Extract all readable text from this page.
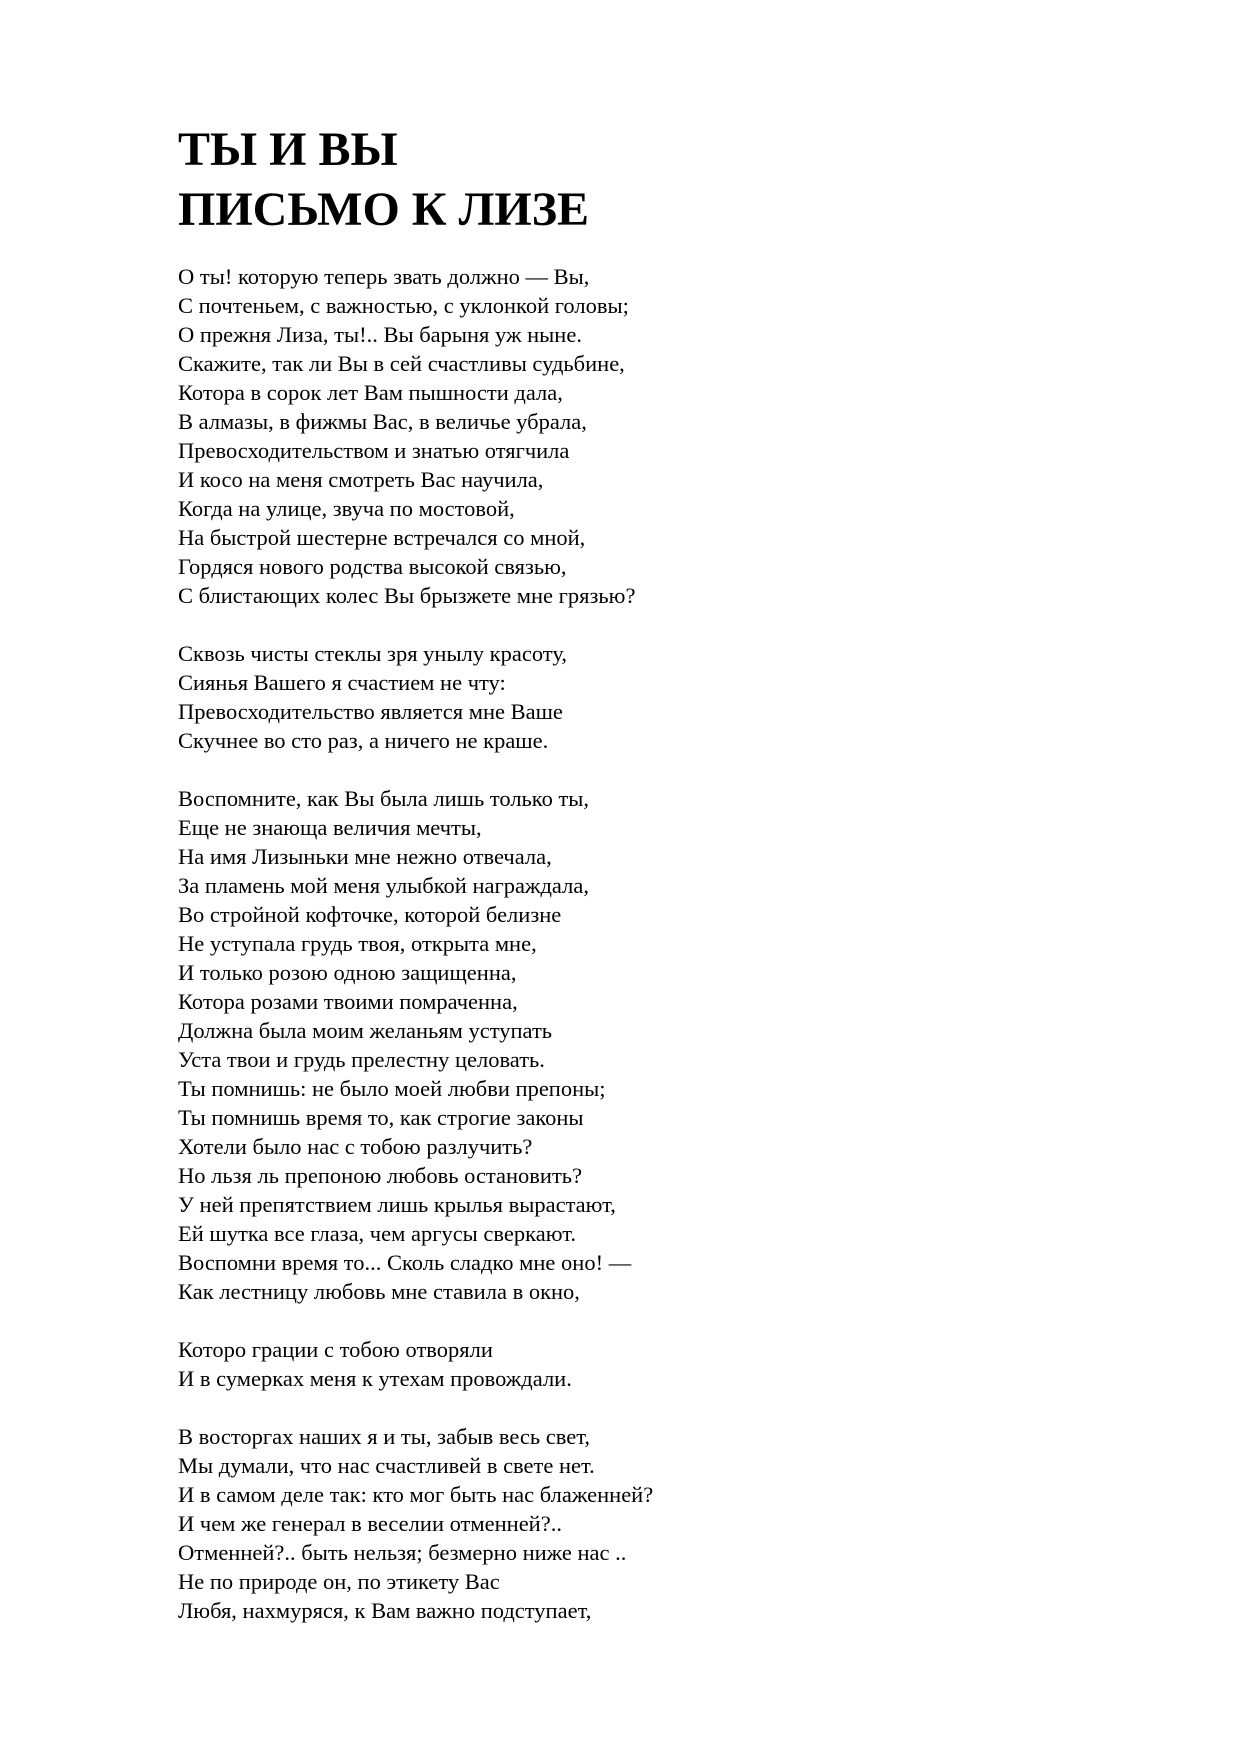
ТЫ И ВЫ
ПИСЬМО К ЛИЗЕ
О ты! которую теперь звать должно — Вы,
С почтеньем, с важностью, с уклонкой головы;
О прежня Лиза, ты!.. Вы барыня уж ныне.
Скажите, так ли Вы в сей счастливы судьбине,
Котора в сорок лет Вам пышности дала,
В алмазы, в фижмы Вас, в величье убрала,
Превосходительством и знатью отягчила
И косо на меня смотреть Вас научила,
Когда на улице, звуча по мостовой,
На быстрой шестерне встречался со мной,
Гордяся нового родства высокой связью,
С блистающих колес Вы брызжете мне грязью?
Сквозь чисты стеклы зря унылу красоту,
Сиянья Вашего я счастием не чту:
Превосходительство является мне Ваше
Скучнее во сто раз, а ничего не краше.
Воспомните, как Вы была лишь только ты,
Еще не знающа величия мечты,
На имя Лизыньки мне нежно отвечала,
За пламень мой меня улыбкой награждала,
Во стройной кофточке, которой белизне
Не уступала грудь твоя, открыта мне,
И только розою одною защищенна,
Котора розами твоими помраченна,
Должна была моим желаньям уступать
Уста твои и грудь прелестну целовать.
Ты помнишь: не было моей любви препоны;
Ты помнишь время то, как строгие законы
Хотели было нас с тобою разлучить?
Но льзя ль препоною любовь остановить?
У ней препятствием лишь крылья вырастают,
Ей шутка все глаза, чем аргусы сверкают.
Воспомни время то... Сколь сладко мне оно! —
Как лестницу любовь мне ставила в окно,
Которо грации с тобою отворяли
И в сумерках меня к утехам провождали.
В восторгах наших я и ты, забыв весь свет,
Мы думали, что нас счастливей в свете нет.
И в самом деле так: кто мог быть нас блаженней?
И чем же генерал в веселии отменней?..
Отменней?.. быть нельзя; безмерно ниже нас ..
Не по природе он, по этикету Вас
Любя, нахмуряся, к Вам важно подступает,
